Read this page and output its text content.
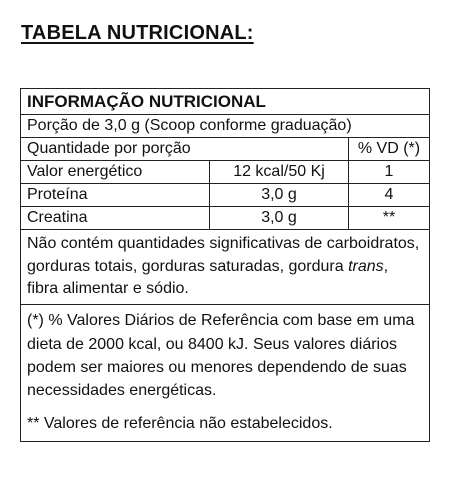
TABELA NUTRICIONAL:
INFORMAÇÃO NUTRICIONAL		
Porção de 3,0 g (Scoop conforme graduação)		
Quantidade por porção		% VD (*)
Valor energético	12 kcal/50 Kj	1
Proteína	3,0 g	4
Creatina	3,0 g	**
Não contém quantidades significativas de carboidratos, gorduras totais, gorduras saturadas, gordura trans, fibra alimentar e sódio.		

(*) % Valores Diários de Referência com base em uma dieta de 2000 kcal, ou 8400 kJ. Seus valores diários podem ser maiores ou menores dependendo de suas necessidades energéticas.
** Valores de referência não estabelecidos.		
